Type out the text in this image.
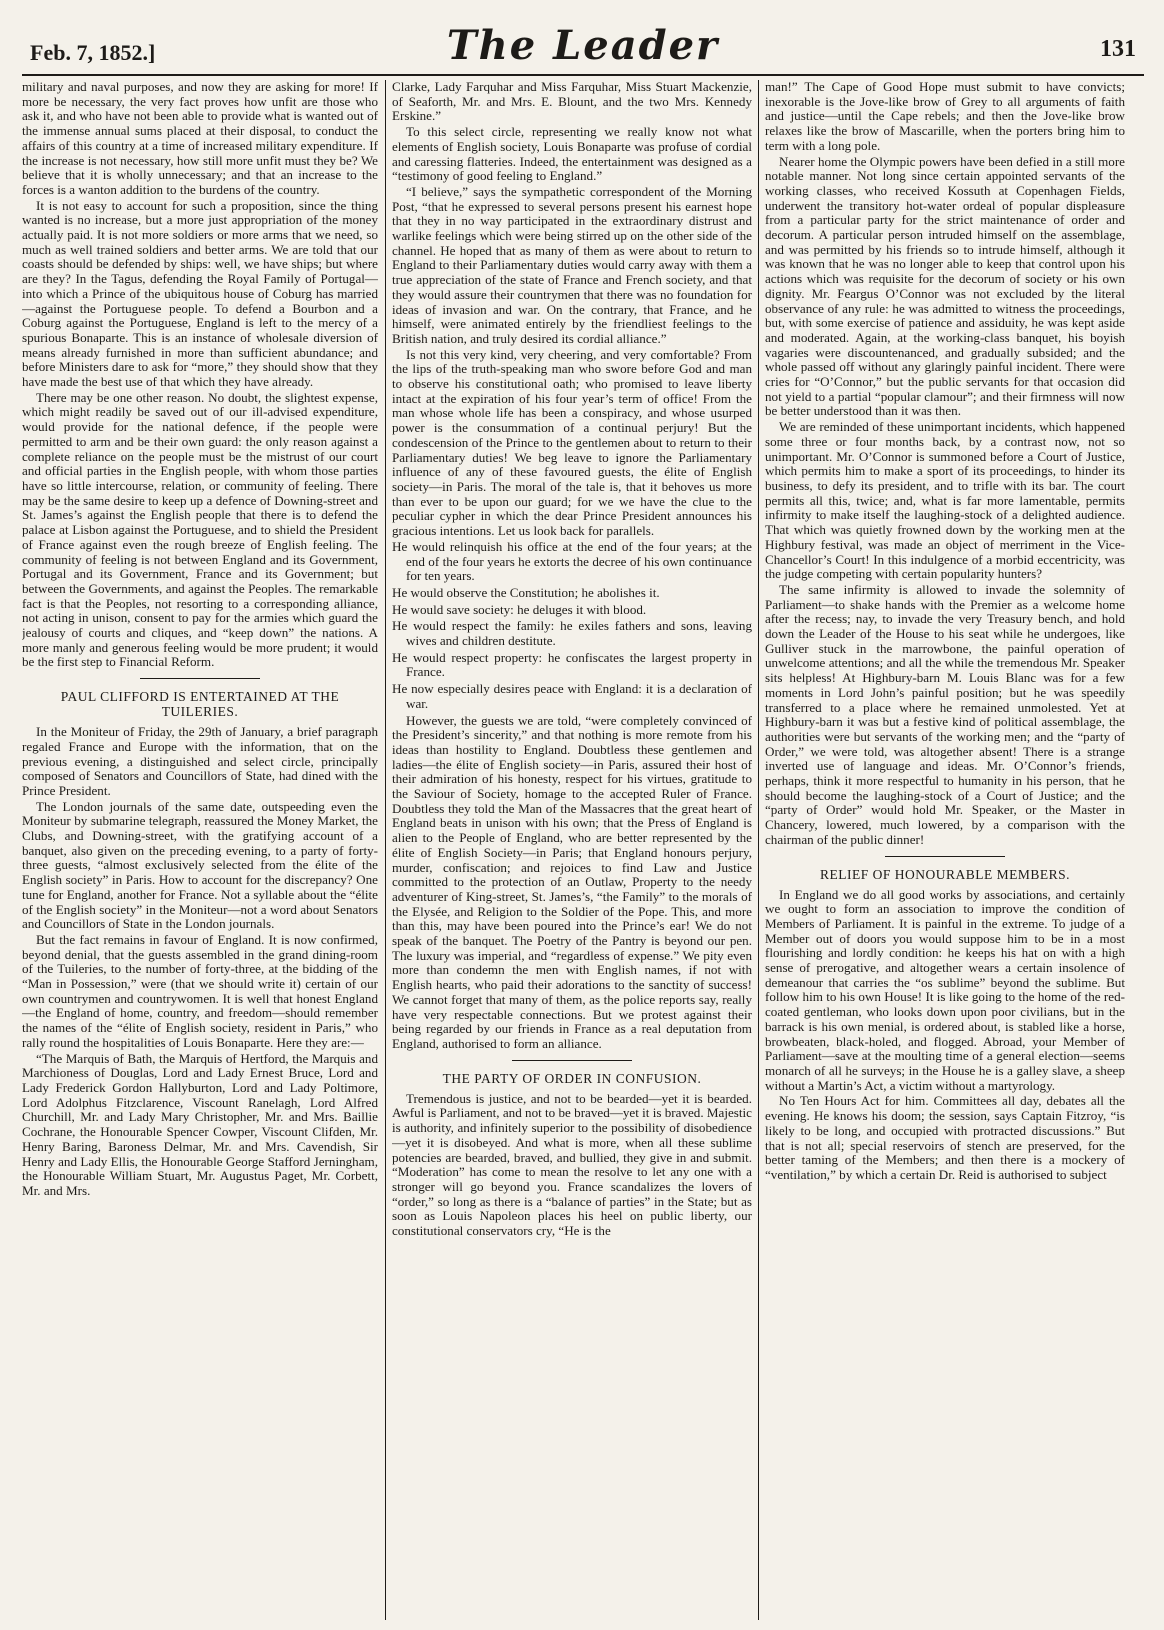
Feb. 7, 1852.]	The Leader	131

military and naval purposes, and now they are asking for more! If more be necessary, the very fact proves how unfit are those who ask it, and who have not been able to provide what is wanted out of the immense annual sums placed at their disposal, to conduct the affairs of this country at a time of increased military expenditure. If the increase is not necessary, how still more unfit must they be? We believe that it is wholly unnecessary; and that an increase to the forces is a wanton addition to the burdens of the country.

It is not easy to account for such a proposition, since the thing wanted is no increase, but a more just appropriation of the money actually paid. It is not more soldiers or more arms that we need, so much as well trained soldiers and better arms. We are told that our coasts should be defended by ships: well, we have ships; but where are they? In the Tagus, defending the Royal Family of Portugal—into which a Prince of the ubiquitous house of Coburg has married—against the Portuguese people. To defend a Bourbon and a Coburg against the Portuguese, England is left to the mercy of a spurious Bonaparte. This is an instance of wholesale diversion of means already furnished in more than sufficient abundance; and before Ministers dare to ask for “more,” they should show that they have made the best use of that which they have already.

There may be one other reason. No doubt, the slightest expense, which might readily be saved out of our ill-advised expenditure, would provide for the national defence, if the people were permitted to arm and be their own guard: the only reason against a complete reliance on the people must be the mistrust of our court and official parties in the English people, with whom those parties have so little intercourse, relation, or community of feeling. There may be the same desire to keep up a defence of Downing-street and St. James’s against the English people that there is to defend the palace at Lisbon against the Portuguese, and to shield the President of France against even the rough breeze of English feeling. The community of feeling is not between England and its Government, Portugal and its Government, France and its Government; but between the Governments, and against the Peoples. The remarkable fact is that the Peoples, not resorting to a corresponding alliance, not acting in unison, consent to pay for the armies which guard the jealousy of courts and cliques, and “keep down” the nations. A more manly and generous feeling would be more prudent; it would be the first step to Financial Reform.

PAUL CLIFFORD IS ENTERTAINED AT THE TUILERIES.

In the Moniteur of Friday, the 29th of January, a brief paragraph regaled France and Europe with the information, that on the previous evening, a distinguished and select circle, principally composed of Senators and Councillors of State, had dined with the Prince President.

The London journals of the same date, outspeeding even the Moniteur by submarine telegraph, reassured the Money Market, the Clubs, and Downing-street, with the gratifying account of a banquet, also given on the preceding evening, to a party of forty-three guests, “almost exclusively selected from the élite of the English society” in Paris. How to account for the discrepancy? One tune for England, another for France. Not a syllable about the “élite of the English society” in the Moniteur—not a word about Senators and Councillors of State in the London journals.

But the fact remains in favour of England. It is now confirmed, beyond denial, that the guests assembled in the grand dining-room of the Tuileries, to the number of forty-three, at the bidding of the “Man in Possession,” were (that we should write it) certain of our own countrymen and countrywomen. It is well that honest England—the England of home, country, and freedom—should remember the names of the “élite of English society, resident in Paris,” who rally round the hospitalities of Louis Bonaparte. Here they are:—

“The Marquis of Bath, the Marquis of Hertford, the Marquis and Marchioness of Douglas, Lord and Lady Ernest Bruce, Lord and Lady Frederick Gordon Hallyburton, Lord and Lady Poltimore, Lord Adolphus Fitzclarence, Viscount Ranelagh, Lord Alfred Churchill, Mr. and Lady Mary Christopher, Mr. and Mrs. Baillie Cochrane, the Honourable Spencer Cowper, Viscount Clifden, Mr. Henry Baring, Baroness Delmar, Mr. and Mrs. Cavendish, Sir Henry and Lady Ellis, the Honourable George Stafford Jerningham, the Honourable William Stuart, Mr. Augustus Paget, Mr. Corbett, Mr. and Mrs.

Clarke, Lady Farquhar and Miss Farquhar, Miss Stuart Mackenzie, of Seaforth, Mr. and Mrs. E. Blount, and the two Mrs. Kennedy Erskine.”

To this select circle, representing we really know not what elements of English society, Louis Bonaparte was profuse of cordial and caressing flatteries. Indeed, the entertainment was designed as a “testimony of good feeling to England.”

“I believe,” says the sympathetic correspondent of the Morning Post, “that he expressed to several persons present his earnest hope that they in no way participated in the extraordinary distrust and warlike feelings which were being stirred up on the other side of the channel. He hoped that as many of them as were about to return to England to their Parliamentary duties would carry away with them a true appreciation of the state of France and French society, and that they would assure their countrymen that there was no foundation for ideas of invasion and war. On the contrary, that France, and he himself, were animated entirely by the friendliest feelings to the British nation, and truly desired its cordial alliance.”

Is not this very kind, very cheering, and very comfortable? From the lips of the truth-speaking man who swore before God and man to observe his constitutional oath; who promised to leave liberty intact at the expiration of his four year’s term of office! From the man whose whole life has been a conspiracy, and whose usurped power is the consummation of a continual perjury! But the condescension of the Prince to the gentlemen about to return to their Parliamentary duties! We beg leave to ignore the Parliamentary influence of any of these favoured guests, the élite of English society—in Paris. The moral of the tale is, that it behoves us more than ever to be upon our guard; for we we have the clue to the peculiar cypher in which the dear Prince President announces his gracious intentions. Let us look back for parallels.

He would relinquish his office at the end of the four years; at the end of the four years he extorts the decree of his own continuance for ten years.

He would observe the Constitution; he abolishes it.

He would save society: he deluges it with blood.

He would respect the family: he exiles fathers and sons, leaving wives and children destitute.

He would respect property: he confiscates the largest property in France.

He now especially desires peace with England: it is a declaration of war.

However, the guests we are told, “were completely convinced of the President’s sincerity,” and that nothing is more remote from his ideas than hostility to England. Doubtless these gentlemen and ladies—the élite of English society—in Paris, assured their host of their admiration of his honesty, respect for his virtues, gratitude to the Saviour of Society, homage to the accepted Ruler of France. Doubtless they told the Man of the Massacres that the great heart of England beats in unison with his own; that the Press of England is alien to the People of England, who are better represented by the élite of English Society—in Paris; that England honours perjury, murder, confiscation; and rejoices to find Law and Justice committed to the protection of an Outlaw, Property to the needy adventurer of King-street, St. James’s, “the Family” to the morals of the Elysée, and Religion to the Soldier of the Pope. This, and more than this, may have been poured into the Prince’s ear! We do not speak of the banquet. The Poetry of the Pantry is beyond our pen. The luxury was imperial, and “regardless of expense.” We pity even more than condemn the men with English names, if not with English hearts, who paid their adorations to the sanctity of success! We cannot forget that many of them, as the police reports say, really have very respectable connections. But we protest against their being regarded by our friends in France as a real deputation from England, authorised to form an alliance.

THE PARTY OF ORDER IN CONFUSION.

Tremendous is justice, and not to be bearded—yet it is bearded. Awful is Parliament, and not to be braved—yet it is braved. Majestic is authority, and infinitely superior to the possibility of disobedience—yet it is disobeyed. And what is more, when all these sublime potencies are bearded, braved, and bullied, they give in and submit. “Moderation” has come to mean the resolve to let any one with a stronger will go beyond you. France scandalizes the lovers of “order,” so long as there is a “balance of parties” in the State; but as soon as Louis Napoleon places his heel on public liberty, our constitutional conservators cry, “He is the

man!” The Cape of Good Hope must submit to have convicts; inexorable is the Jove-like brow of Grey to all arguments of faith and justice—until the Cape rebels; and then the Jove-like brow relaxes like the brow of Mascarille, when the porters bring him to term with a long pole.

Nearer home the Olympic powers have been defied in a still more notable manner. Not long since certain appointed servants of the working classes, who received Kossuth at Copenhagen Fields, underwent the transitory hot-water ordeal of popular displeasure from a particular party for the strict maintenance of order and decorum. A particular person intruded himself on the assemblage, and was permitted by his friends so to intrude himself, although it was known that he was no longer able to keep that control upon his actions which was requisite for the decorum of society or his own dignity. Mr. Feargus O’Connor was not excluded by the literal observance of any rule: he was admitted to witness the proceedings, but, with some exercise of patience and assiduity, he was kept aside and moderated. Again, at the working-class banquet, his boyish vagaries were discountenanced, and gradually subsided; and the whole passed off without any glaringly painful incident. There were cries for “O’Connor,” but the public servants for that occasion did not yield to a partial “popular clamour”; and their firmness will now be better understood than it was then.

We are reminded of these unimportant incidents, which happened some three or four months back, by a contrast now, not so unimportant. Mr. O’Connor is summoned before a Court of Justice, which permits him to make a sport of its proceedings, to hinder its business, to defy its president, and to trifle with its bar. The court permits all this, twice; and, what is far more lamentable, permits infirmity to make itself the laughing-stock of a delighted audience. That which was quietly frowned down by the working men at the Highbury festival, was made an object of merriment in the Vice-Chancellor’s Court! In this indulgence of a morbid eccentricity, was the judge competing with certain popularity hunters?

The same infirmity is allowed to invade the solemnity of Parliament—to shake hands with the Premier as a welcome home after the recess; nay, to invade the very Treasury bench, and hold down the Leader of the House to his seat while he undergoes, like Gulliver stuck in the marrowbone, the painful operation of unwelcome attentions; and all the while the tremendous Mr. Speaker sits helpless! At Highbury-barn M. Louis Blanc was for a few moments in Lord John’s painful position; but he was speedily transferred to a place where he remained unmolested. Yet at Highbury-barn it was but a festive kind of political assemblage, the authorities were but servants of the working men; and the “party of Order,” we were told, was altogether absent! There is a strange inverted use of language and ideas. Mr. O’Connor’s friends, perhaps, think it more respectful to humanity in his person, that he should become the laughing-stock of a Court of Justice; and the “party of Order” would hold Mr. Speaker, or the Master in Chancery, lowered, much lowered, by a comparison with the chairman of the public dinner!

RELIEF OF HONOURABLE MEMBERS.

In England we do all good works by associations, and certainly we ought to form an association to improve the condition of Members of Parliament. It is painful in the extreme. To judge of a Member out of doors you would suppose him to be in a most flourishing and lordly condition: he keeps his hat on with a high sense of prerogative, and altogether wears a certain insolence of demeanour that carries the “os sublime” beyond the sublime. But follow him to his own House! It is like going to the home of the red-coated gentleman, who looks down upon poor civilians, but in the barrack is his own menial, is ordered about, is stabled like a horse, browbeaten, black-holed, and flogged. Abroad, your Member of Parliament—save at the moulting time of a general election—seems monarch of all he surveys; in the House he is a galley slave, a sheep without a Martin’s Act, a victim without a martyrology.

No Ten Hours Act for him. Committees all day, debates all the evening. He knows his doom; the session, says Captain Fitzroy, “is likely to be long, and occupied with protracted discussions.” But that is not all; special reservoirs of stench are preserved, for the better taming of the Members; and then there is a mockery of “ventilation,” by which a certain Dr. Reid is authorised to subject
